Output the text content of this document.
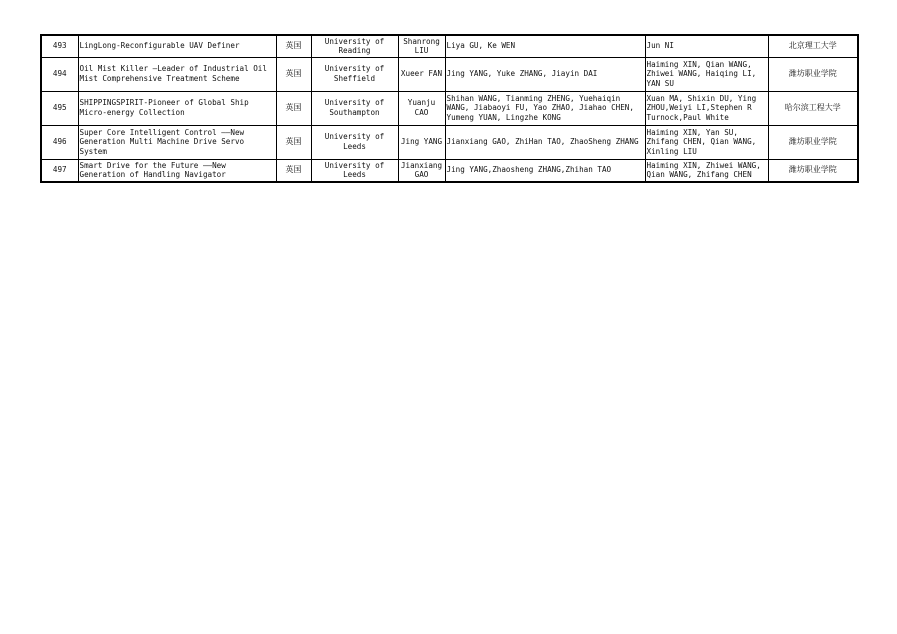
493	LingLong-Reconfigurable UAV Definer	英国	University of Reading	Shanrong LIU	Liya GU, Ke WEN	Jun NI	北京理工大学
494	Oil Mist Killer —Leader of Industrial Oil Mist Comprehensive Treatment Scheme	英国	University of Sheffield	Xueer FAN	Jing YANG, Yuke ZHANG, Jiayin DAI	Haiming XIN, Qian WANG, Zhiwei WANG, Haiqing LI, YAN SU	潍坊职业学院
495	SHIPPINGSPIRIT-Pioneer of Global Ship Micro-energy Collection	英国	University of Southampton	Yuanju CAO	Shihan WANG, Tianming ZHENG, Yuehaiqin WANG, Jiabaoyi FU, Yao ZHAO, Jiahao CHEN, Yumeng YUAN, Lingzhe KONG	Xuan MA, Shixin DU, Ying ZHOU,Weiyi LI,Stephen R Turnock,Paul White	哈尔滨工程大学
496	Super Core Intelligent Control ——New Generation Multi Machine Drive Servo System	英国	University of Leeds	Jing YANG	Jianxiang GAO, ZhiHan TAO, ZhaoSheng ZHANG	Haiming XIN, Yan SU, Zhifang CHEN, Qian WANG, Xinling LIU	潍坊职业学院
497	Smart Drive for the Future ——New Generation of Handling Navigator	英国	University of Leeds	Jianxiang GAO	Jing YANG,Zhaosheng ZHANG,Zhihan TAO	Haiming XIN, Zhiwei WANG, Qian WANG, Zhifang CHEN	潍坊职业学院
